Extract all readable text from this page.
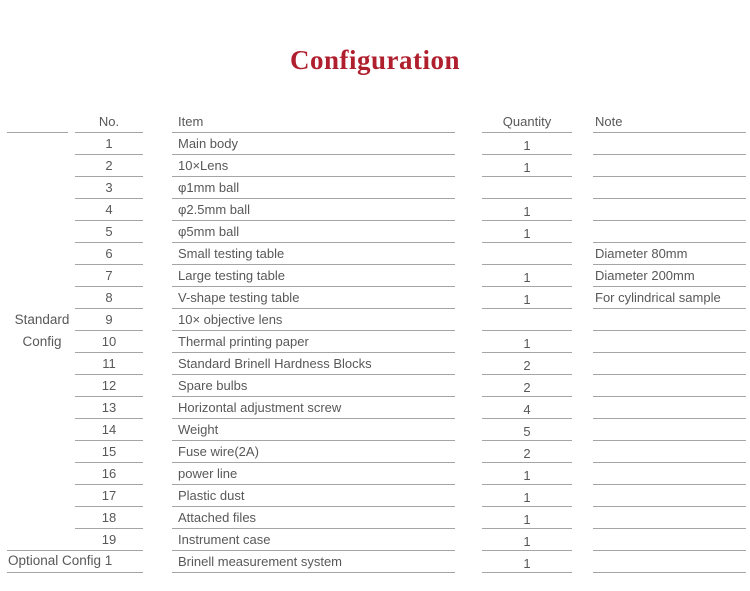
Configuration
Standard
Config
Optional Config 1
No.
1
2
3
4
5
6
7
8
9
10
11
12
13
14
15
16
17
18
19
Item
Main body
10×Lens
φ1mm ball
φ2.5mm ball
φ5mm ball
Small testing table
Large testing table
V-shape testing table
10× objective lens
Thermal printing paper
Standard Brinell Hardness Blocks
Spare bulbs
Horizontal adjustment screw
Weight
Fuse wire(2A)
power line
Plastic dust
Attached files
Instrument case
Brinell measurement system
Quantity
1
1
1
1
1
1
1
2
2
4
5
2
1
1
1
1
1
Note
Diameter 80mm
Diameter 200mm
For cylindrical sample
